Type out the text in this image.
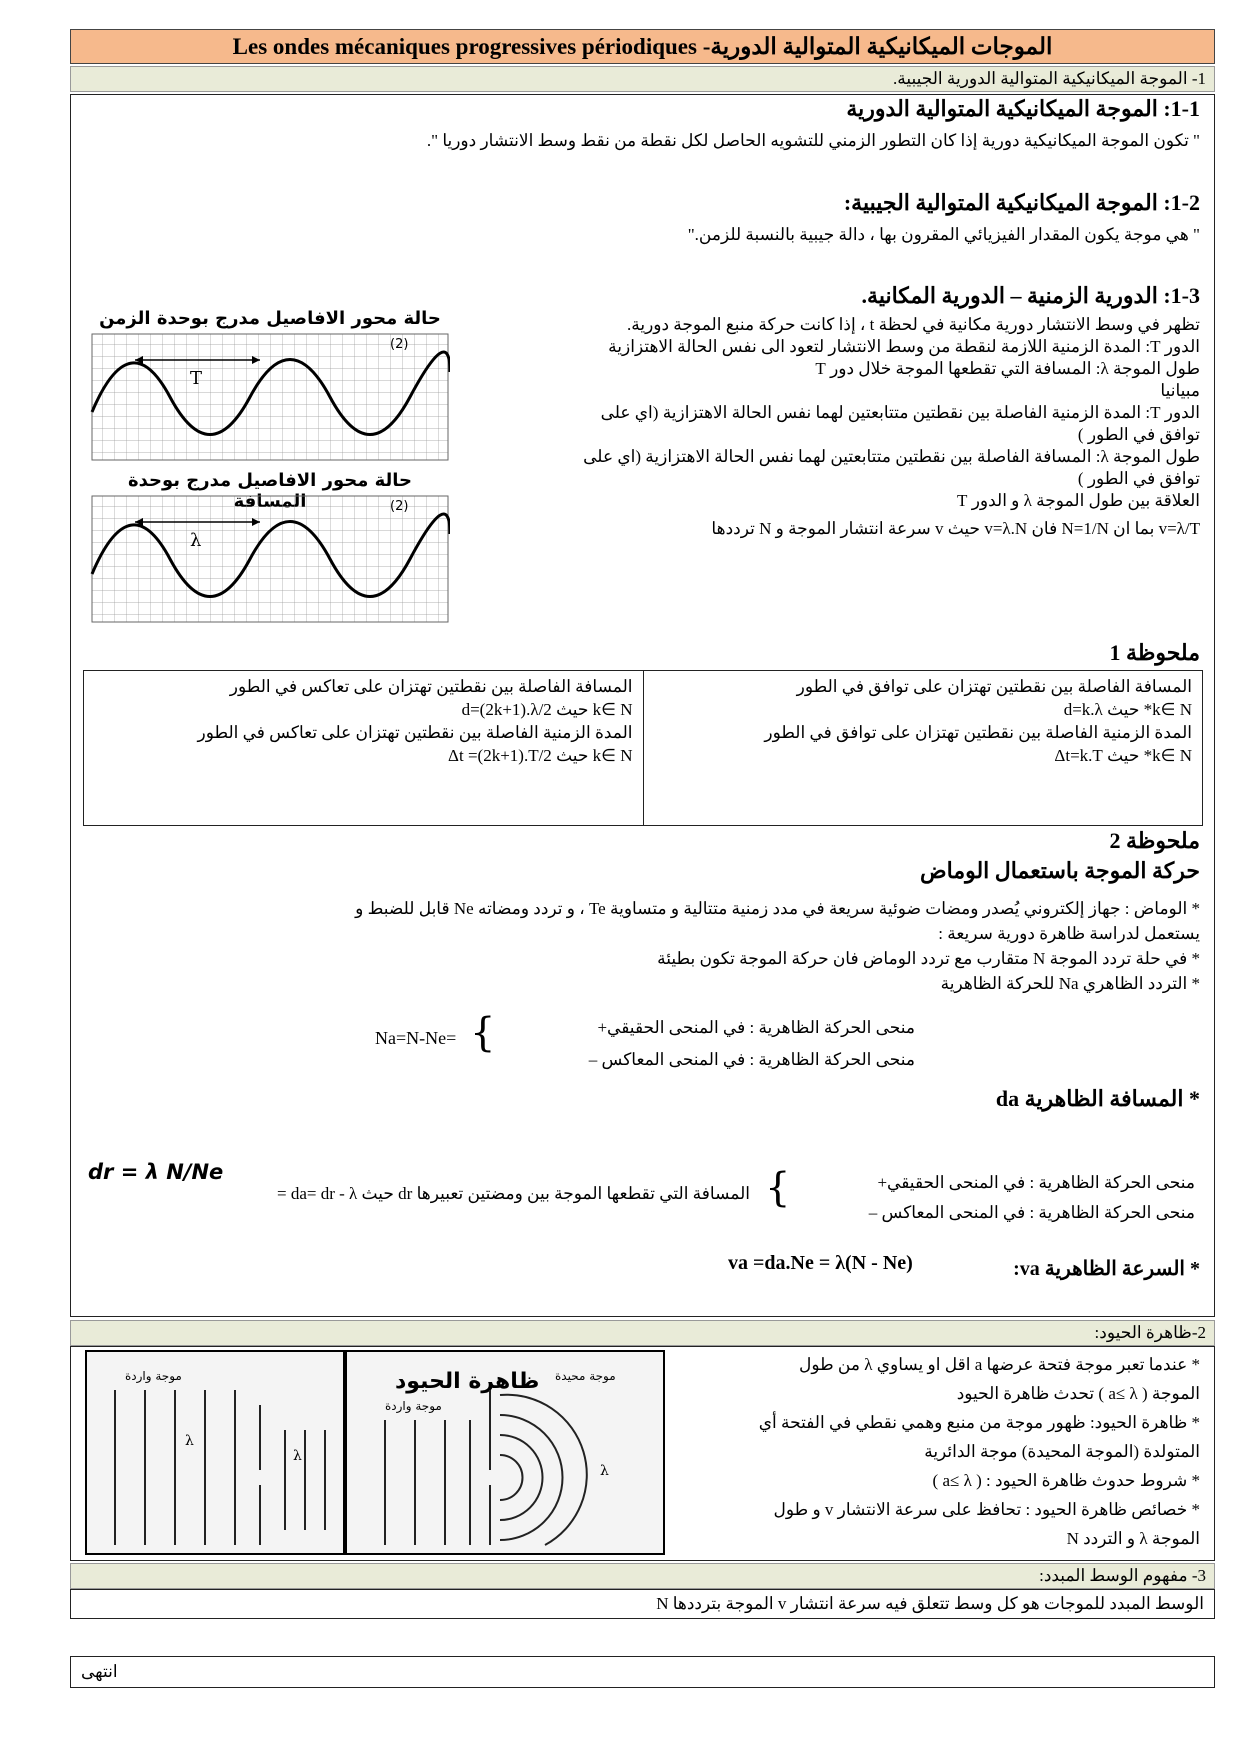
Les ondes mécaniques progressives périodiques -الموجات الميكانيكية المتوالية الدورية
1- الموجة الميكانيكية المتوالية الدورية الجيبية.
1-1: الموجة الميكانيكية المتوالية الدورية
" تكون الموجة الميكانيكية دورية إذا كان التطور الزمني للتشويه الحاصل لكل نقطة من نقط وسط الانتشار دوريا ".
1-2: الموجة الميكانيكية المتوالية الجيبية:
" هي موجة يكون المقدار الفيزيائي المقرون بها ، دالة جيبية بالنسبة للزمن."
1-3: الدورية الزمنية – الدورية المكانية.
تظهر في وسط الانتشار دورية مكانية في لحظة t ، إذا كانت حركة منبع الموجة دورية.
الدور T: المدة الزمنية اللازمة لنقطة من وسط الانتشار لتعود الى نفس الحالة الاهتزازية
طول الموجة λ: المسافة التي تقطعها الموجة خلال دور T
مبيانيا
الدور T: المدة الزمنية الفاصلة بين نقطتين متتابعتين لهما نفس الحالة الاهتزازية (اي على
توافق في الطور )
طول الموجة λ: المسافة الفاصلة بين نقطتين متتابعتين لهما نفس الحالة الاهتزازية (اي على
توافق في الطور )
العلاقة بين طول الموجة λ و الدور T
v=λ/T بما ان N=1/N فان v=λ.N حيث v سرعة انتشار الموجة و N ترددها
حالة محور الافاصيل مدرج بوحدة الزمن
T
(2)
حالة محور الافاصيل مدرج بوحدة
λ
(2)
ملحوظة 1
المسافة الفاصلة بين نقطتين تهتزان على توافق في الطور
k∈ N* حيث d=k.λ
المدة الزمنية الفاصلة بين نقطتين تهتزان على توافق في الطور
k∈ N* حيث Δt=k.T
المسافة الفاصلة بين نقطتين تهتزان على تعاكس في الطور
k∈ N حيث d=(2k+1).λ/2
المدة الزمنية الفاصلة بين نقطتين تهتزان على تعاكس في الطور
k∈ N حيث Δt =(2k+1).T/2
ملحوظة 2
حركة الموجة باستعمال الوماض
* الوماض : جهاز إلكتروني يُصدر ومضات ضوئية سريعة في مدد زمنية متتالية و متساوية Te ، و تردد ومضاته Ne قابل للضبط و
يستعمل لدراسة ظاهرة دورية سريعة :
* في حلة تردد الموجة N متقارب مع تردد الوماض فان حركة الموجة تكون بطيئة
* التردد الظاهري Na للحركة الظاهرية
منحى الحركة الظاهرية : في المنحى الحقيقي+
منحى الحركة الظاهرية : في المنحى المعاكس –
{
Na=N-Ne=
* المسافة الظاهرية da
dr = λ N/Ne
المسافة التي تقطعها الموجة بين ومضتين تعبيرها dr حيث da= dr - λ = {	منحى الحركة الظاهرية : في المنحى الحقيقي+
منحى الحركة الظاهرية : في المنحى المعاكس –
* السرعة الظاهرية va:
va =da.Ne = λ(N - Ne)
2-ظاهرة الحيود:
* عندما تعبر موجة فتحة عرضها a اقل او يساوي λ من طول
الموجة ( a≤ λ ) تحدث ظاهرة الحيود
* ظاهرة الحيود: ظهور موجة من منبع وهمي نقطي في الفتحة أي
المتولدة (الموجة المحيدة) موجة الدائرية
* شروط حدوث ظاهرة الحيود : ( a≤ λ )
* خصائص ظاهرة الحيود : تحافظ على سرعة الانتشار v و طول
الموجة λ و التردد N
موجة واردة
λ
λ
ظاهرة الحيود
موجة واردة
موجة محيدة
λ
3- مفهوم الوسط المبدد:
الوسط المبدد للموجات هو كل وسط تتعلق فيه سرعة انتشار v الموجة بترددها N
انتهى
